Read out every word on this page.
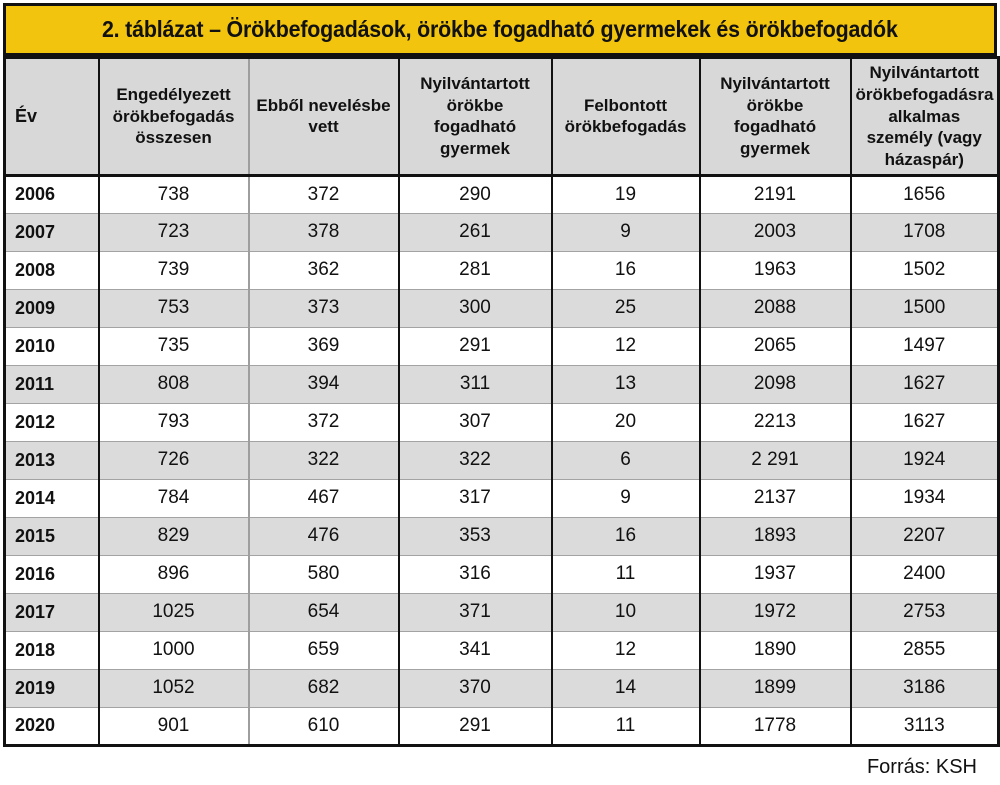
2. táblázat – Örökbefogadások, örökbe fogadható gyermekek és örökbefogadók
Év	Engedélyezett örökbefogadás összesen	Ebből nevelésbe vett	Nyilvántartott örökbe fogadható gyermek	Felbontott örökbefogadás	Nyilvántartott örökbe fogadható gyermek	Nyilvántartott örökbefogadásra alkalmas személy (vagy házaspár)
2006	738	372	290	19	2191	1656
2007	723	378	261	9	2003	1708
2008	739	362	281	16	1963	1502
2009	753	373	300	25	2088	1500
2010	735	369	291	12	2065	1497
2011	808	394	311	13	2098	1627
2012	793	372	307	20	2213	1627
2013	726	322	322	6	2 291	1924
2014	784	467	317	9	2137	1934
2015	829	476	353	16	1893	2207
2016	896	580	316	11	1937	2400
2017	1025	654	371	10	1972	2753
2018	1000	659	341	12	1890	2855
2019	1052	682	370	14	1899	3186
2020	901	610	291	11	1778	3113
Forrás: KSH
